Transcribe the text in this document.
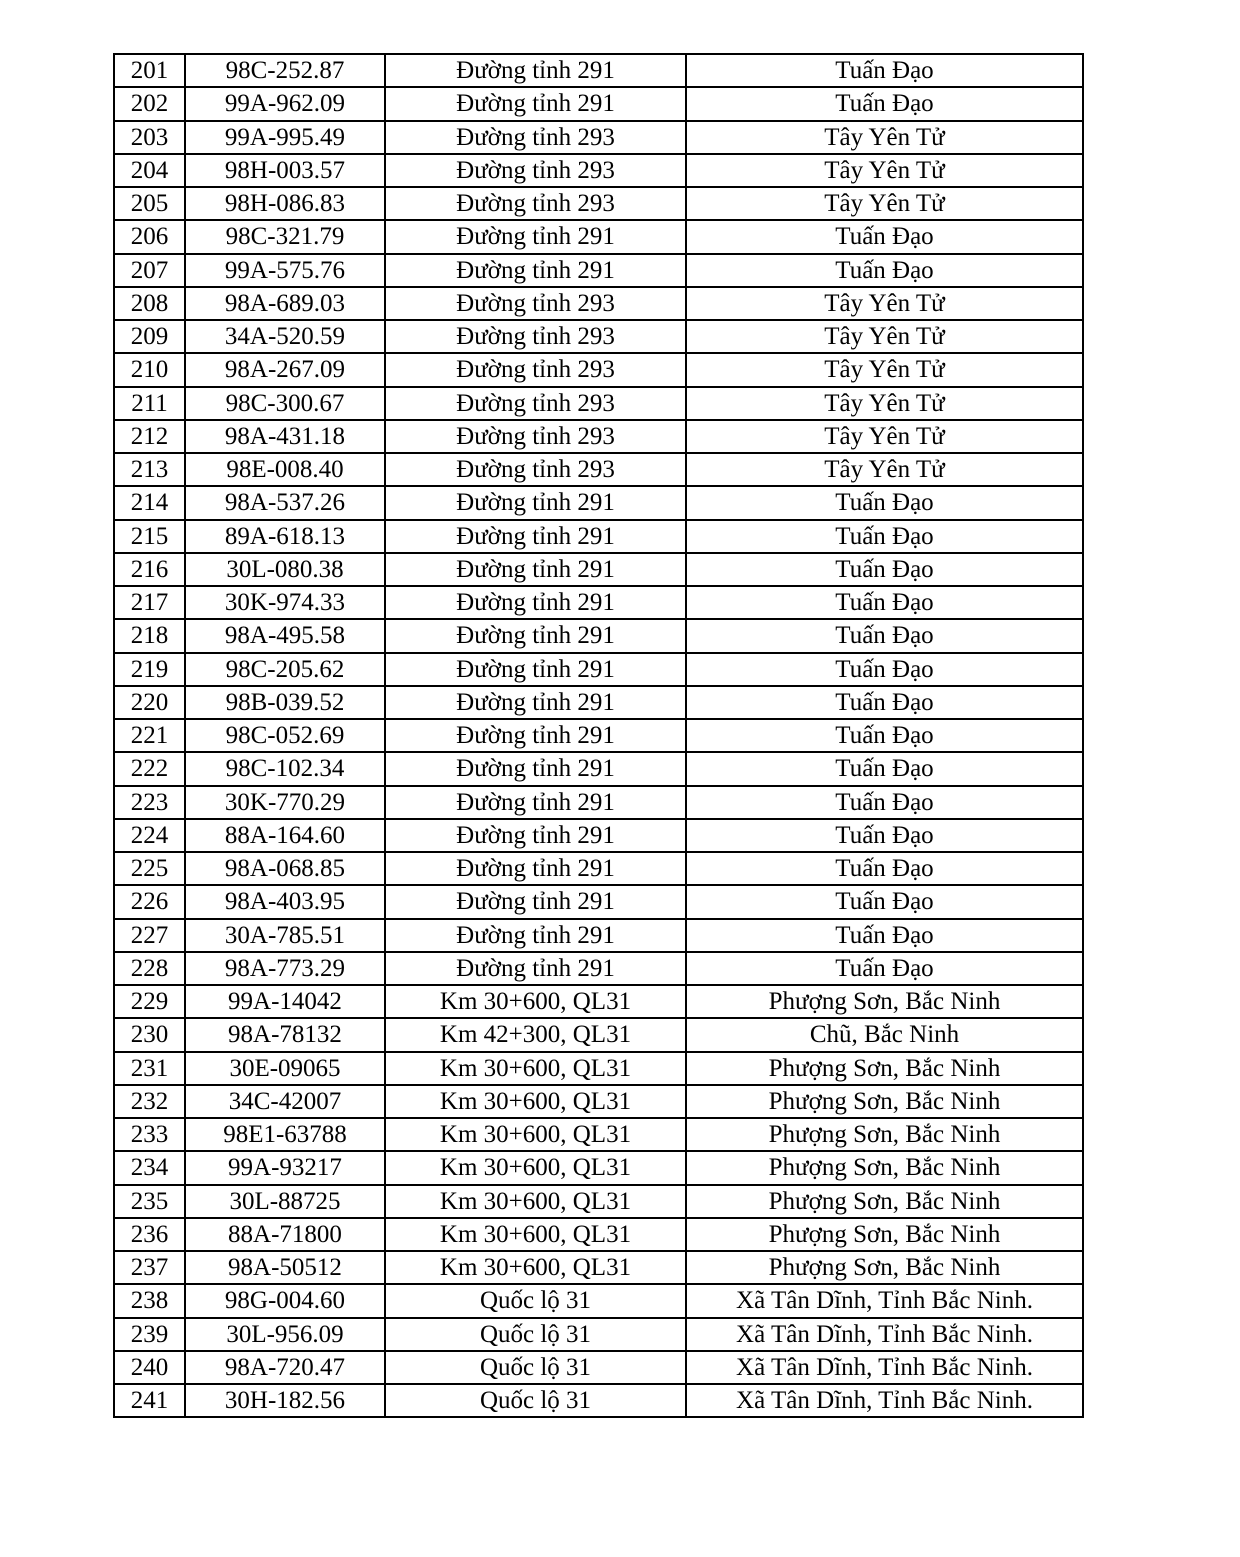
201	98C-252.87	Đường tỉnh 291	Tuấn Đạo
202	99A-962.09	Đường tỉnh 291	Tuấn Đạo
203	99A-995.49	Đường tỉnh 293	Tây Yên Tử
204	98H-003.57	Đường tỉnh 293	Tây Yên Tử
205	98H-086.83	Đường tỉnh 293	Tây Yên Tử
206	98C-321.79	Đường tỉnh 291	Tuấn Đạo
207	99A-575.76	Đường tỉnh 291	Tuấn Đạo
208	98A-689.03	Đường tỉnh 293	Tây Yên Tử
209	34A-520.59	Đường tỉnh 293	Tây Yên Tử
210	98A-267.09	Đường tỉnh 293	Tây Yên Tử
211	98C-300.67	Đường tỉnh 293	Tây Yên Tử
212	98A-431.18	Đường tỉnh 293	Tây Yên Tử
213	98E-008.40	Đường tỉnh 293	Tây Yên Tử
214	98A-537.26	Đường tỉnh 291	Tuấn Đạo
215	89A-618.13	Đường tỉnh 291	Tuấn Đạo
216	30L-080.38	Đường tỉnh 291	Tuấn Đạo
217	30K-974.33	Đường tỉnh 291	Tuấn Đạo
218	98A-495.58	Đường tỉnh 291	Tuấn Đạo
219	98C-205.62	Đường tỉnh 291	Tuấn Đạo
220	98B-039.52	Đường tỉnh 291	Tuấn Đạo
221	98C-052.69	Đường tỉnh 291	Tuấn Đạo
222	98C-102.34	Đường tỉnh 291	Tuấn Đạo
223	30K-770.29	Đường tỉnh 291	Tuấn Đạo
224	88A-164.60	Đường tỉnh 291	Tuấn Đạo
225	98A-068.85	Đường tỉnh 291	Tuấn Đạo
226	98A-403.95	Đường tỉnh 291	Tuấn Đạo
227	30A-785.51	Đường tỉnh 291	Tuấn Đạo
228	98A-773.29	Đường tỉnh 291	Tuấn Đạo
229	99A-14042	Km 30+600, QL31	Phượng Sơn, Bắc Ninh
230	98A-78132	Km 42+300, QL31	Chũ, Bắc Ninh
231	30E-09065	Km 30+600, QL31	Phượng Sơn, Bắc Ninh
232	34C-42007	Km 30+600, QL31	Phượng Sơn, Bắc Ninh
233	98E1-63788	Km 30+600, QL31	Phượng Sơn, Bắc Ninh
234	99A-93217	Km 30+600, QL31	Phượng Sơn, Bắc Ninh
235	30L-88725	Km 30+600, QL31	Phượng Sơn, Bắc Ninh
236	88A-71800	Km 30+600, QL31	Phượng Sơn, Bắc Ninh
237	98A-50512	Km 30+600, QL31	Phượng Sơn, Bắc Ninh
238	98G-004.60	Quốc lộ 31	Xã Tân Dĩnh, Tỉnh Bắc Ninh.
239	30L-956.09	Quốc lộ 31	Xã Tân Dĩnh, Tỉnh Bắc Ninh.
240	98A-720.47	Quốc lộ 31	Xã Tân Dĩnh, Tỉnh Bắc Ninh.
241	30H-182.56	Quốc lộ 31	Xã Tân Dĩnh, Tỉnh Bắc Ninh.
